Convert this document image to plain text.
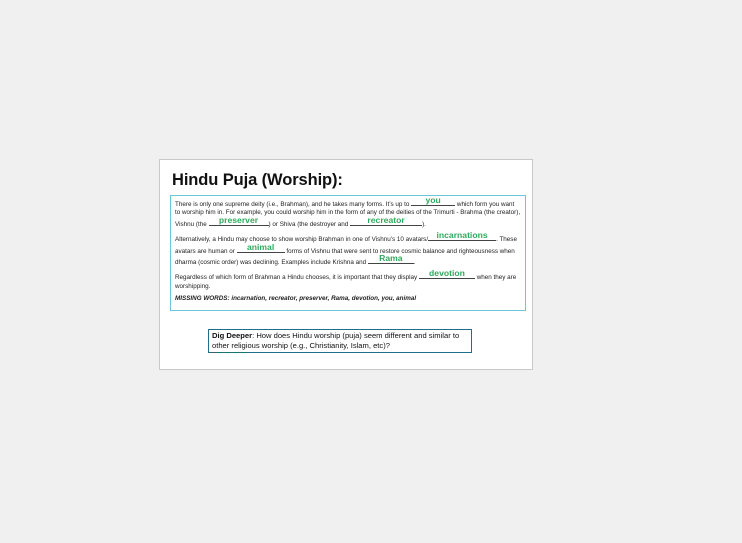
Hindu Puja (Worship):

There is only one supreme deity (i.e., Brahman), and he takes many forms. It’s up to	you	which form you want to worship him in. For example, you could worship him in the form of any of the deities of the Trimurti - Brahma (the creator), Vishnu (the	preserver	) or Shiva (the destroyer and	recreator	).

Alternatively, a Hindu may choose to show worship Brahman in one of Vishnu’s 10 avatars/ incarnations	. These avatars are human or	animal	forms of Vishnu that were sent to restore cosmic balance and righteousness when dharma (cosmic order) was declining. Examples include Krishna and	Rama	.

Regardless of which form of Brahman a Hindu chooses, it is important that they display	devotion	when they are worshipping.

MISSING WORDS: incarnation, recreator, preserver, Rama, devotion, you, animal

Dig Deeper: How does Hindu worship (puja) seem different and similar to other religious worship (e.g., Christianity, Islam, etc)?
